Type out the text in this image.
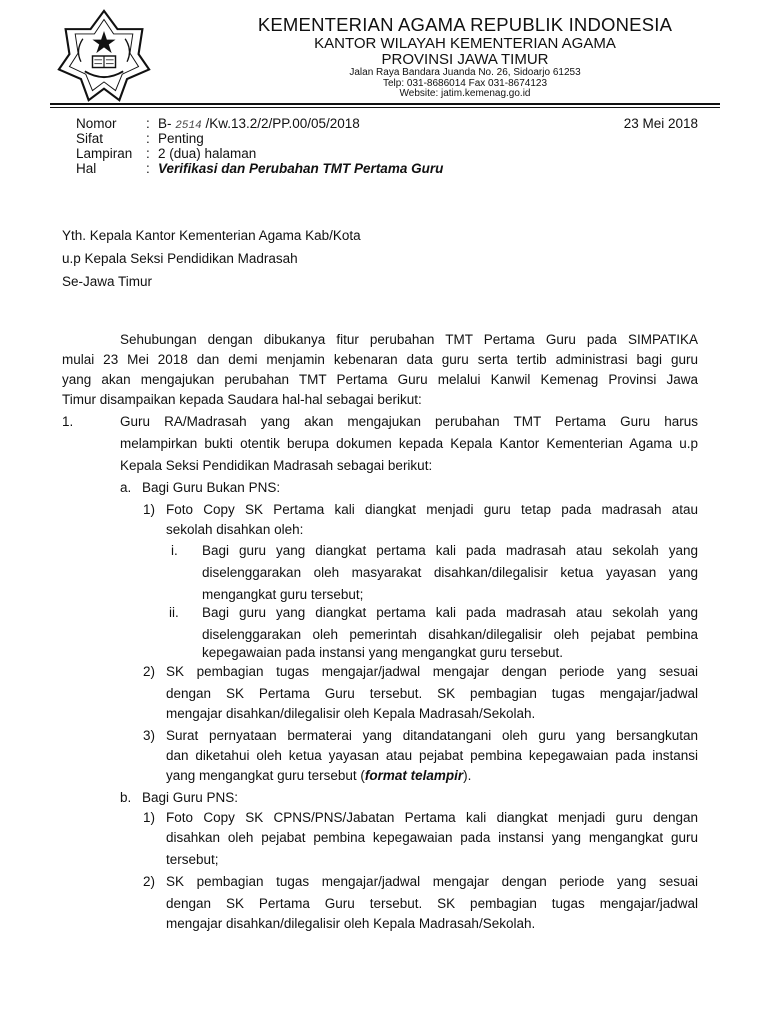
KEMENTERIAN AGAMA REPUBLIK INDONESIA
KANTOR WILAYAH KEMENTERIAN AGAMA
PROVINSI JAWA TIMUR
Jalan Raya Bandara Juanda No. 26, Sidoarjo 61253
Telp: 031-8686014 Fax 031-8674123
Website: jatim.kemenag.go.id
Nomor : B- 2514 /Kw.13.2/2/PP.00/05/2018	23 Mei 2018
Sifat	: Penting
Lampiran : 2 (dua) halaman
Hal	: Verifikasi dan Perubahan TMT Pertama Guru
Yth. Kepala Kantor Kementerian Agama Kab/Kota
u.p Kepala Seksi Pendidikan Madrasah
Se-Jawa Timur
Sehubungan dengan dibukanya fitur perubahan TMT Pertama Guru pada SIMPATIKA
mulai 23 Mei 2018 dan demi menjamin kebenaran data guru serta tertib administrasi bagi guru
yang akan mengajukan perubahan TMT Pertama Guru melalui Kanwil Kemenag Provinsi Jawa
Timur disampaikan kepada Saudara hal-hal sebagai berikut:
1.	Guru RA/Madrasah yang akan mengajukan perubahan TMT Pertama Guru harus
melampirkan bukti otentik berupa dokumen kepada Kepala Kantor Kementerian Agama u.p
Kepala Seksi Pendidikan Madrasah sebagai berikut:
a. Bagi Guru Bukan PNS:
1) Foto Copy SK Pertama kali diangkat menjadi guru tetap pada madrasah atau
sekolah disahkan oleh:
i. Bagi guru yang diangkat pertama kali pada madrasah atau sekolah yang
diselenggarakan oleh masyarakat disahkan/dilegalisir ketua yayasan yang
mengangkat guru tersebut;
ii. Bagi guru yang diangkat pertama kali pada madrasah atau sekolah yang
diselenggarakan oleh pemerintah disahkan/dilegalisir oleh pejabat pembina
kepegawaian pada instansi yang mengangkat guru tersebut.
2) SK pembagian tugas mengajar/jadwal mengajar dengan periode yang sesuai
dengan SK Pertama Guru tersebut. SK pembagian tugas mengajar/jadwal
mengajar disahkan/dilegalisir oleh Kepala Madrasah/Sekolah.
3) Surat pernyataan bermaterai yang ditandatangani oleh guru yang bersangkutan
dan diketahui oleh ketua yayasan atau pejabat pembina kepegawaian pada instansi
yang mengangkat guru tersebut (format telampir).
b. Bagi Guru PNS:
1) Foto Copy SK CPNS/PNS/Jabatan Pertama kali diangkat menjadi guru dengan
disahkan oleh pejabat pembina kepegawaian pada instansi yang mengangkat guru
tersebut;
2) SK pembagian tugas mengajar/jadwal mengajar dengan periode yang sesuai
dengan SK Pertama Guru tersebut. SK pembagian tugas mengajar/jadwal
mengajar disahkan/dilegalisir oleh Kepala Madrasah/Sekolah.
